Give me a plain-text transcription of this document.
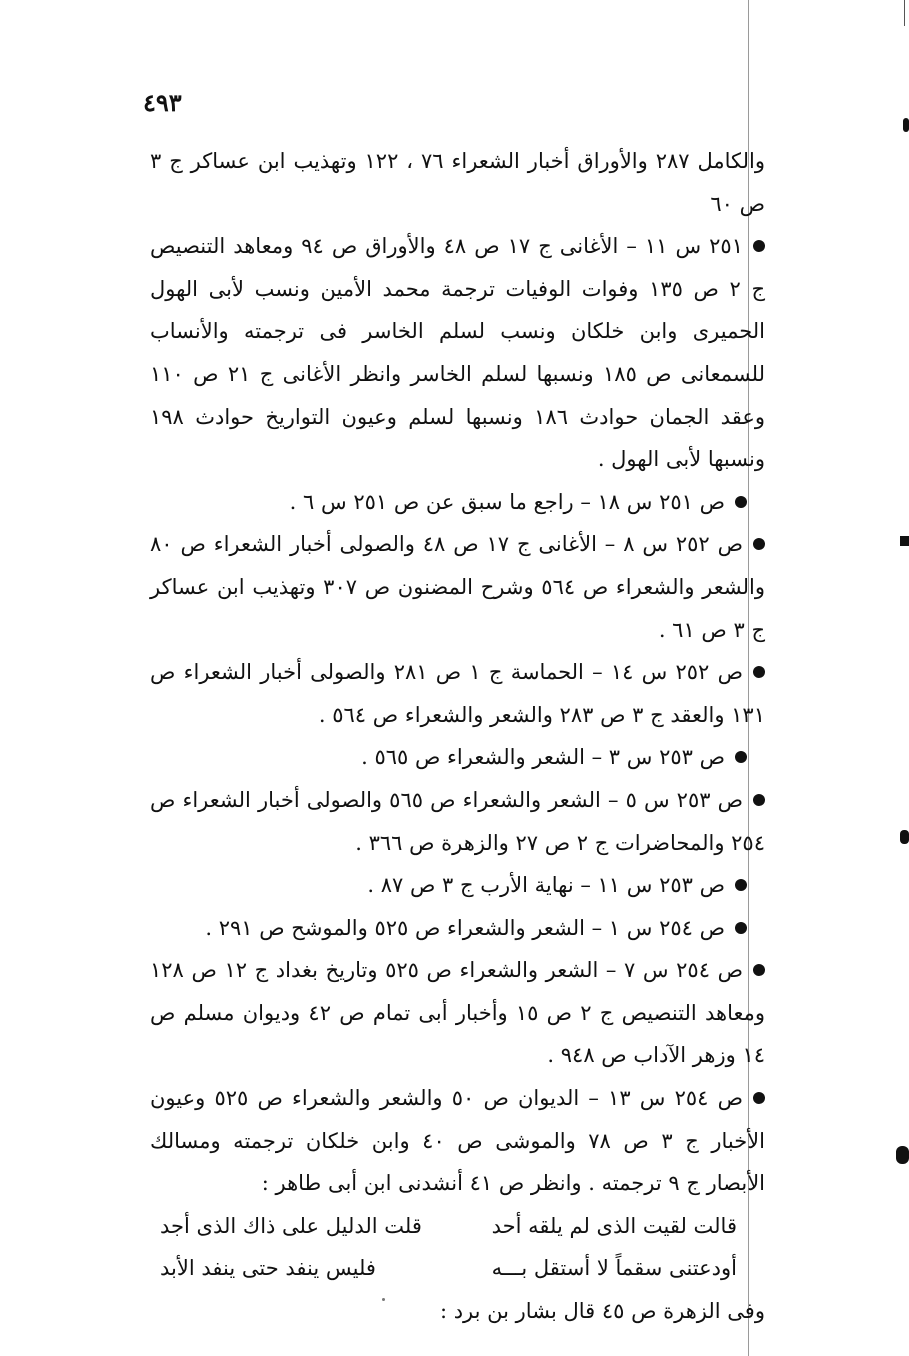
٤٩٣

والكامل ٢٨٧ والأوراق أخبار الشعراء ٧٦ ، ١٢٢ وتهذيب ابن عساكر ج ٣ ص ٦٠

٢٥١ س ١١ – الأغانى ج ١٧ ص ٤٨ والأوراق ص ٩٤ ومعاهد التنصيص ج ٢ ص ١٣٥ وفوات الوفيات ترجمة محمد الأمين ونسب لأبى الهول الحميرى وابن خلكان ونسب لسلم الخاسر فى ترجمته والأنساب للسمعانى ص ١٨٥ ونسبها لسلم الخاسر وانظر الأغانى ج ٢١ ص ١١٠ وعقد الجمان حوادث ١٨٦ ونسبها لسلم وعيون التواريخ حوادث ١٩٨ ونسبها لأبى الهول .

ص ٢٥١ س ١٨ – راجع ما سبق عن ص ٢٥١ س ٦ .

ص ٢٥٢ س ٨ – الأغانى ج ١٧ ص ٤٨ والصولى أخبار الشعراء ص ٨٠ والشعر والشعراء ص ٥٦٤ وشرح المضنون ص ٣٠٧ وتهذيب ابن عساكر ج ٣ ص ٦١ .

ص ٢٥٢ س ١٤ – الحماسة ج ١ ص ٢٨١ والصولى أخبار الشعراء ص ١٣١ والعقد ج ٣ ص ٢٨٣ والشعر والشعراء ص ٥٦٤ .

ص ٢٥٣ س ٣ – الشعر والشعراء ص ٥٦٥ .

ص ٢٥٣ س ٥ – الشعر والشعراء ص ٥٦٥ والصولى أخبار الشعراء ص ٢٥٤ والمحاضرات ج ٢ ص ٢٧ والزهرة ص ٣٦٦ .

ص ٢٥٣ س ١١ – نهاية الأرب ج ٣ ص ٨٧ .

ص ٢٥٤ س ١ – الشعر والشعراء ص ٥٢٥ والموشح ص ٢٩١ .

ص ٢٥٤ س ٧ – الشعر والشعراء ص ٥٢٥ وتاريخ بغداد ج ١٢ ص ١٢٨ ومعاهد التنصيص ج ٢ ص ١٥ وأخبار أبى تمام ص ٤٢ وديوان مسلم ص ١٤ وزهر الآداب ص ٩٤٨ .

ص ٢٥٤ س ١٣ – الديوان ص ٥٠ والشعر والشعراء ص ٥٢٥ وعيون الأخبار ج ٣ ص ٧٨ والموشى ص ٤٠ وابن خلكان ترجمته ومسالك الأبصار ج ٩ ترجمته . وانظر ص ٤١ أنشدنى ابن أبى طاهر :

قالت لقيت الذى لم يلقه أحد
قلت الدليل على ذاك الذى أجد
أودعتنى سقماً لا أستقل بـــه
فليس ينفد حتى ينفد الأبد

وفى الزهرة ص ٤٥ قال بشار بن برد :
